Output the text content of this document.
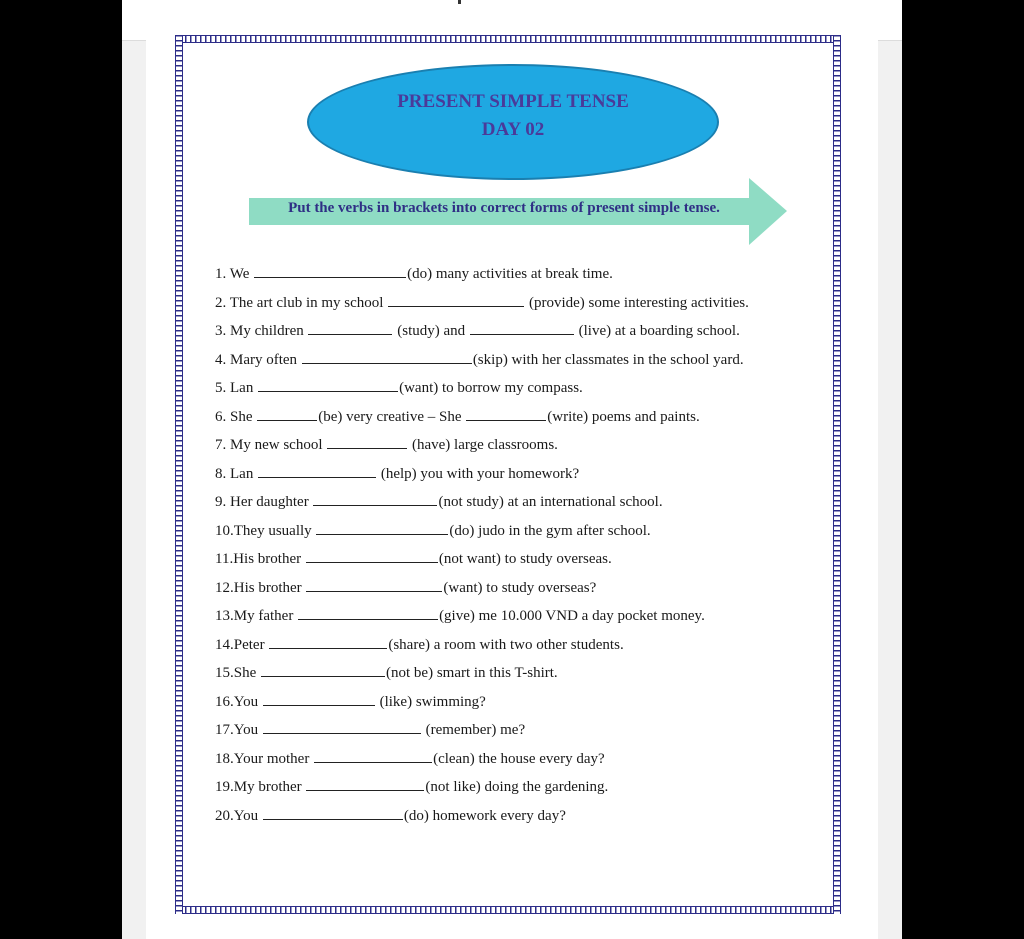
PRESENT SIMPLE TENSE
DAY 02
Put the verbs in brackets into correct forms of present simple tense.
1. We	(do) many activities at break time.
2. The art club in my school	(provide) some interesting activities.
3. My children	(study) and	(live) at a boarding school.
4. Mary often	(skip) with her classmates in the school yard.
5. Lan	(want) to borrow my compass.
6. She	(be) very creative – She	(write) poems and paints.
7. My new school	(have) large classrooms.
8. Lan	(help) you with your homework?
9. Her daughter	(not study) at an international school.
10.They usually	(do) judo in the gym after school.
11.His brother	(not want) to study overseas.
12.His brother	(want) to study overseas?
13.My father	(give) me 10.000 VND a day pocket money.
14.Peter	(share) a room with two other students.
15.She	(not be) smart in this T-shirt.
16.You	(like) swimming?
17.You	(remember) me?
18.Your mother	(clean) the house every day?
19.My brother	(not like) doing the gardening.
20.You	(do) homework every day?
